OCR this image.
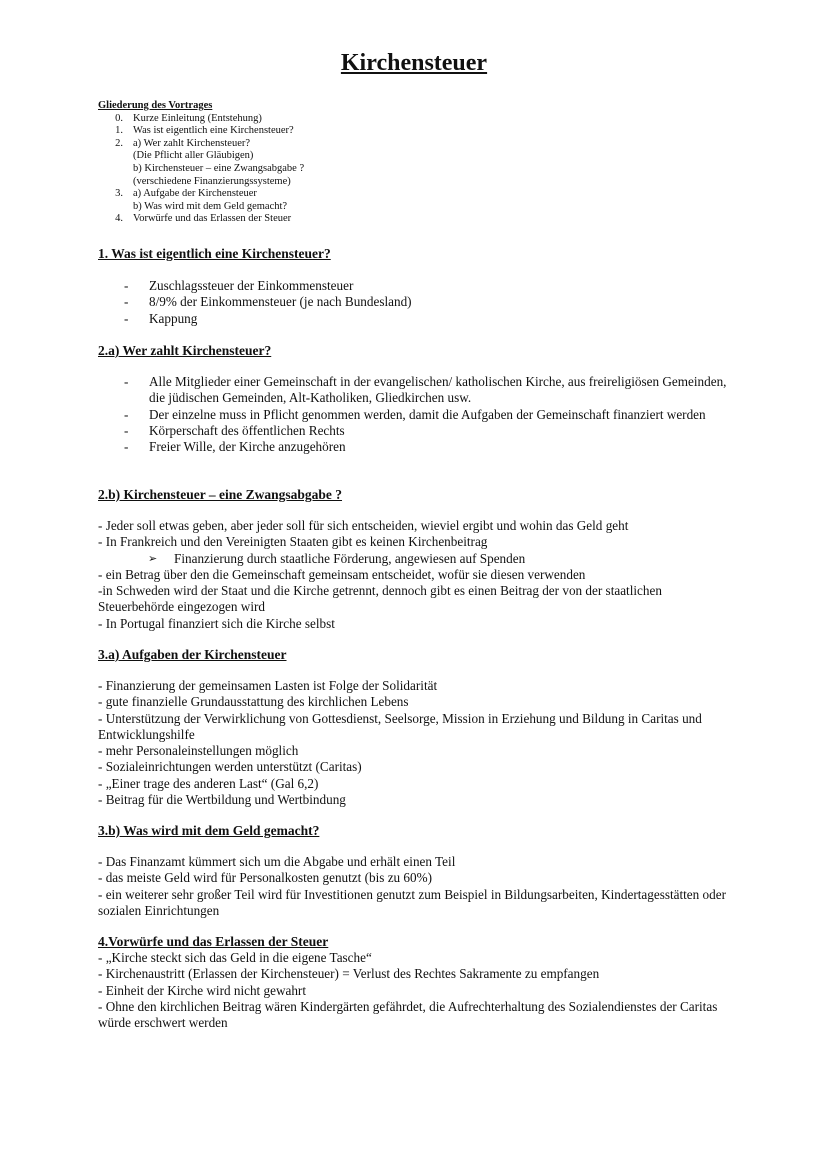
Kirchensteuer
Gliederung des Vortrages
0. Kurze Einleitung (Entstehung)
1. Was ist eigentlich eine Kirchensteuer?
2. a) Wer zahlt Kirchensteuer?
(Die Pflicht aller Gläubigen)
b) Kirchensteuer – eine Zwangsabgabe ?
(verschiedene Finanzierungssysteme)
3. a) Aufgabe der Kirchensteuer
b) Was wird mit dem Geld gemacht?
4. Vorwürfe und das Erlassen der Steuer
1. Was ist eigentlich eine Kirchensteuer?
-	Zuschlagssteuer der Einkommensteuer
-	8/9% der Einkommensteuer (je nach Bundesland)
-	Kappung
2.a) Wer zahlt Kirchensteuer?
-	Alle Mitglieder einer Gemeinschaft in der evangelischen/ katholischen Kirche, aus freireligiösen Gemeinden, die jüdischen Gemeinden, Alt-Katholiken, Gliedkirchen usw.
-	Der einzelne muss in Pflicht genommen werden, damit die Aufgaben der Gemeinschaft finanziert werden
-	Körperschaft des öffentlichen Rechts
-	Freier Wille, der Kirche anzugehören
2.b) Kirchensteuer – eine Zwangsabgabe ?

- Jeder soll etwas geben, aber jeder soll für sich entscheiden, wieviel ergibt und wohin das Geld geht

- In Frankreich und den Vereinigten Staaten gibt es keinen Kirchenbeitrag

➢	Finanzierung durch staatliche Förderung, angewiesen auf Spenden

- ein Betrag über den die Gemeinschaft gemeinsam entscheidet, wofür sie diesen verwenden

-in Schweden wird der Staat und die Kirche getrennt, dennoch gibt es einen Beitrag der von der staatlichen Steuerbehörde eingezogen wird

- In Portugal finanziert sich die Kirche selbst

3.a) Aufgaben der Kirchensteuer

- Finanzierung der gemeinsamen Lasten ist Folge der Solidarität

- gute finanzielle Grundausstattung des kirchlichen Lebens

- Unterstützung der Verwirklichung von Gottesdienst, Seelsorge, Mission in Erziehung und Bildung in Caritas und Entwicklungshilfe

- mehr Personaleinstellungen möglich

- Sozialeinrichtungen werden unterstützt (Caritas)

- „Einer trage des anderen Last“ (Gal 6,2)

- Beitrag für die Wertbildung und Wertbindung

3.b) Was wird mit dem Geld gemacht?

- Das Finanzamt kümmert sich um die Abgabe und erhält einen Teil

- das meiste Geld wird für Personalkosten genutzt (bis zu 60%)

- ein weiterer sehr großer Teil wird für Investitionen genutzt zum Beispiel in Bildungsarbeiten, Kindertagesstätten oder sozialen Einrichtungen

4.Vorwürfe und das Erlassen der Steuer

- „Kirche steckt sich das Geld in die eigene Tasche“

- Kirchenaustritt (Erlassen der Kirchensteuer) = Verlust des Rechtes Sakramente zu empfangen

- Einheit der Kirche wird nicht gewahrt

- Ohne den kirchlichen Beitrag wären Kindergärten gefährdet, die Aufrechterhaltung des Sozialendienstes der Caritas würde erschwert werden
